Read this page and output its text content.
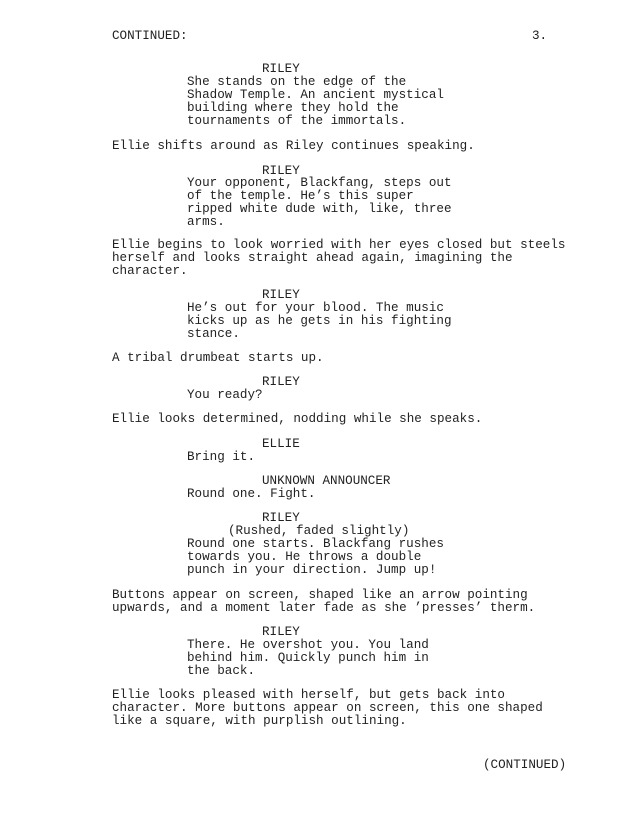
CONTINUED:	3.
RILEY
She stands on the edge of the
Shadow Temple. An ancient mystical
building where they hold the
tournaments of the immortals.
Ellie shifts around as Riley continues speaking.
RILEY
Your opponent, Blackfang, steps out
of the temple. He’s this super
ripped white dude with, like, three
arms.
Ellie begins to look worried with her eyes closed but steels
herself and looks straight ahead again, imagining the
character.
RILEY
He’s out for your blood. The music
kicks up as he gets in his fighting
stance.
A tribal drumbeat starts up.
RILEY
You ready?
Ellie looks determined, nodding while she speaks.
ELLIE
Bring it.
UNKNOWN ANNOUNCER
Round one. Fight.
RILEY
(Rushed, faded slightly)
Round one starts. Blackfang rushes
towards you. He throws a double
punch in your direction. Jump up!
Buttons appear on screen, shaped like an arrow pointing
upwards, and a moment later fade as she ’presses’ therm.
RILEY
There. He overshot you. You land
behind him. Quickly punch him in
the back.
Ellie looks pleased with herself, but gets back into
character. More buttons appear on screen, this one shaped
like a square, with purplish outlining.
(CONTINUED)
